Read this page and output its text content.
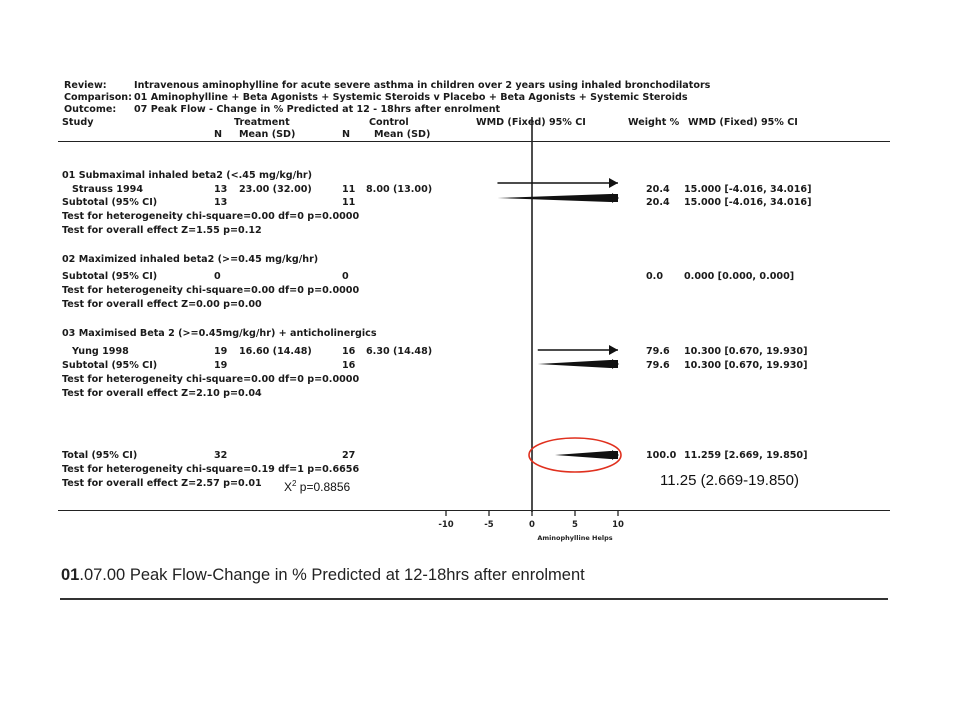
Review:	Intravenous aminophylline for acute severe asthma in children over 2 years using inhaled bronchodilators
Comparison: 01 Aminophylline + Beta Agonists + Systemic Steroids v Placebo + Beta Agonists + Systemic Steroids
Outcome: 07 Peak Flow - Change in % Predicted at 12 - 18hrs after enrolment
Study	Treatment	Control	WMD (Fixed) 95% CI	Weight % WMD (Fixed) 95% CI
N Mean (SD)	N Mean (SD)
01 Submaximal inhaled beta2 (<.45 mg/kg/hr)
Strauss 1994	13 23.00 (32.00)	11 8.00 (13.00)	20.4 15.000 [-4.016, 34.016]
Subtotal (95% CI)	13	11	20.4 15.000 [-4.016, 34.016]
Test for heterogeneity chi-square=0.00 df=0 p=0.0000
Test for overall effect Z=1.55 p=0.12
02 Maximized inhaled beta2 (>=0.45 mg/kg/hr)
Subtotal (95% CI)	0	0	0.0 0.000 [0.000, 0.000]
Test for heterogeneity chi-square=0.00 df=0 p=0.0000
Test for overall effect Z=0.00 p=0.00
03 Maximised Beta 2 (>=0.45mg/kg/hr) + anticholinergics
Yung 1998	19 16.60 (14.48)	16 6.30 (14.48)	79.6 10.300 [0.670, 19.930]
Subtotal (95% CI)	19	16	79.6 10.300 [0.670, 19.930]
Test for heterogeneity chi-square=0.00 df=0 p=0.0000
Test for overall effect Z=2.10 p=0.04
Total (95% CI)	32	27	100.0 11.259 [2.669, 19.850]
Test for heterogeneity chi-square=0.19 df=1 p=0.6656
Test for overall effect Z=2.57 p=0.01 $X^2$ p=0.8856	11.25 (2.669-19.850)
-10	-5	0	5	10
Aminophylline Helps
01.07.00 Peak Flow-Change in % Predicted at 12-18hrs after enrolment
